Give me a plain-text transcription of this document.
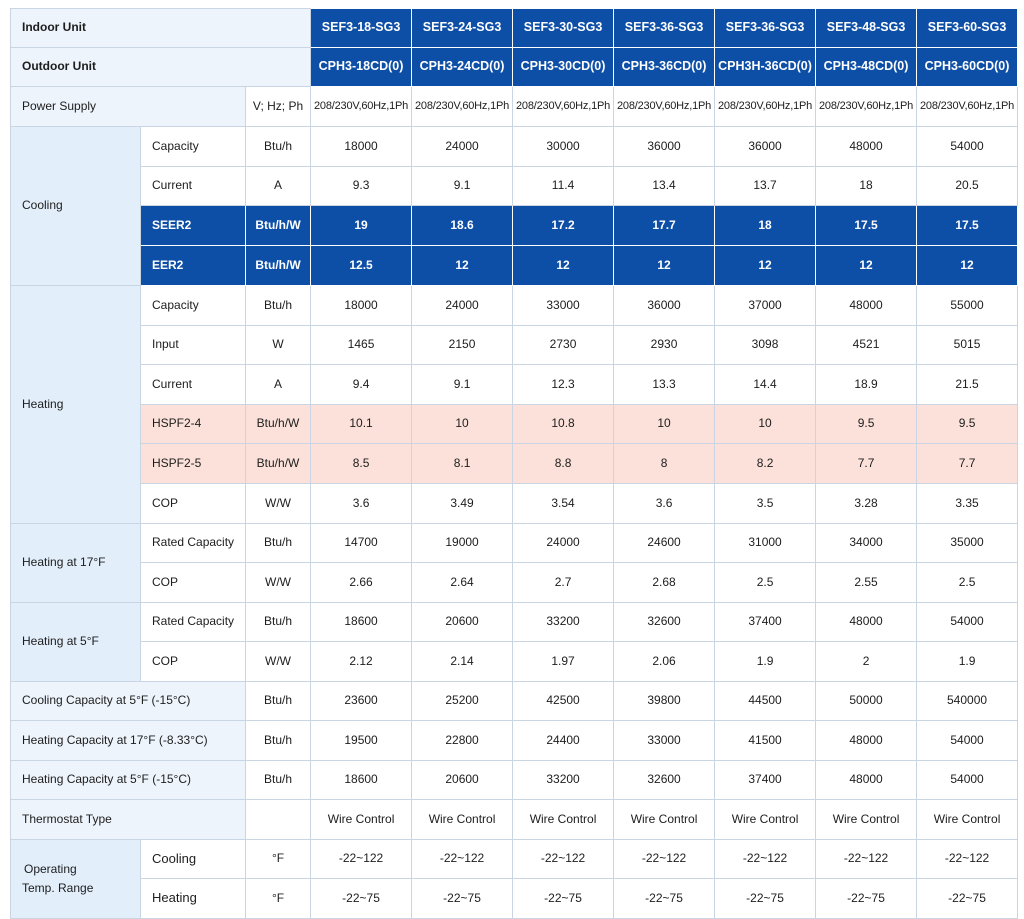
Indoor Unit			SEF3-18-SG3	SEF3-24-SG3	SEF3-30-SG3	SEF3-36-SG3	SEF3-36-SG3	SEF3-48-SG3	SEF3-60-SG3
Outdoor Unit			CPH3-18CD(0)	CPH3-24CD(0)	CPH3-30CD(0)	CPH3-36CD(0)	CPH3H-36CD(0)	CPH3-48CD(0)	CPH3-60CD(0)
Power Supply		V; Hz; Ph	208/230V,60Hz,1Ph	208/230V,60Hz,1Ph	208/230V,60Hz,1Ph	208/230V,60Hz,1Ph	208/230V,60Hz,1Ph	208/230V,60Hz,1Ph	208/230V,60Hz,1Ph
Cooling	Capacity	Btu/h	18000	24000	30000	36000	36000	48000	54000
	Current	A	9.3	9.1	11.4	13.4	13.7	18	20.5
	SEER2	Btu/h/W	19	18.6	17.2	17.7	18	17.5	17.5
	EER2	Btu/h/W	12.5	12	12	12	12	12	12
Heating	Capacity	Btu/h	18000	24000	33000	36000	37000	48000	55000
	Input	W	1465	2150	2730	2930	3098	4521	5015
	Current	A	9.4	9.1	12.3	13.3	14.4	18.9	21.5
	HSPF2-4	Btu/h/W	10.1	10	10.8	10	10	9.5	9.5
	HSPF2-5	Btu/h/W	8.5	8.1	8.8	8	8.2	7.7	7.7
	COP	W/W	3.6	3.49	3.54	3.6	3.5	3.28	3.35
Heating at 17°F	Rated Capacity	Btu/h	14700	19000	24000	24600	31000	34000	35000
	COP	W/W	2.66	2.64	2.7	2.68	2.5	2.55	2.5
Heating at 5°F	Rated Capacity	Btu/h	18600	20600	33200	32600	37400	48000	54000
	COP	W/W	2.12	2.14	1.97	2.06	1.9	2	1.9
Cooling Capacity at 5°F (-15°C)		Btu/h	23600	25200	42500	39800	44500	50000	540000
Heating Capacity at 17°F (-8.33°C)		Btu/h	19500	22800	24400	33000	41500	48000	54000
Heating Capacity at 5°F (-15°C)		Btu/h	18600	20600	33200	32600	37400	48000	54000
Thermostat Type			Wire Control	Wire Control	Wire Control	Wire Control	Wire Control	Wire Control	Wire Control

Operating
Temp. Range	Cooling	°F	-22~122	-22~122	-22~122	-22~122	-22~122	-22~122	-22~122
	Heating	°F	-22~75	-22~75	-22~75	-22~75	-22~75	-22~75	-22~75
